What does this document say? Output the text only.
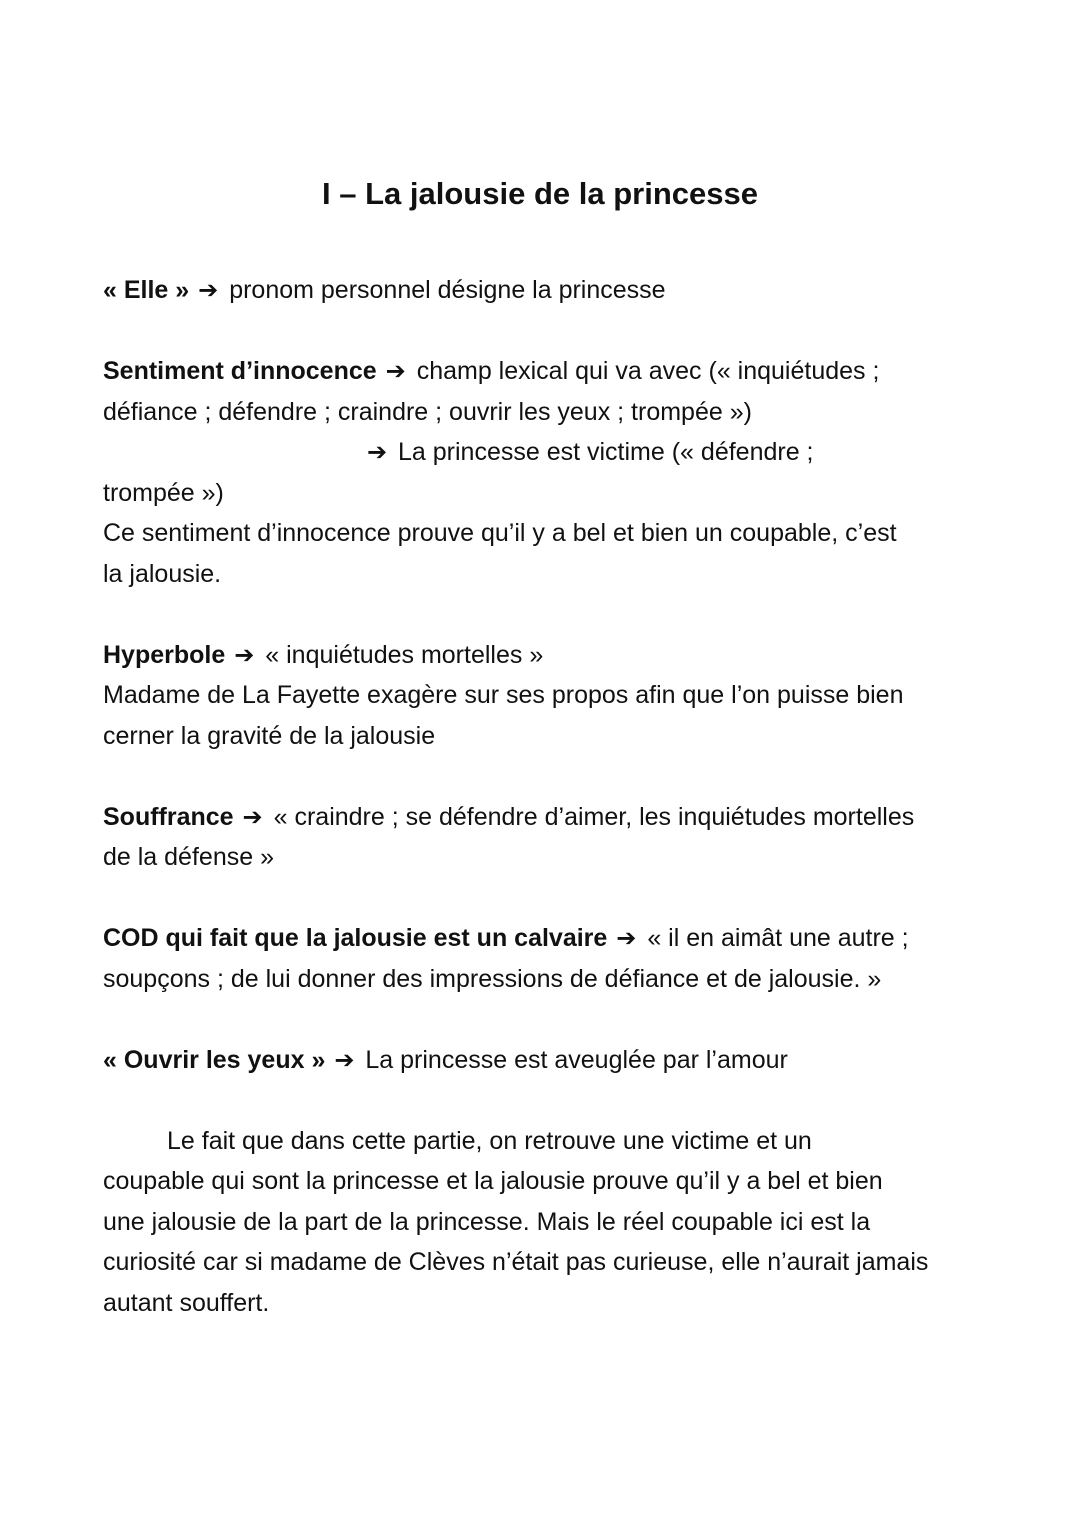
I – La jalousie de la princesse
« Elle » ➔ pronom personnel désigne la princesse
Sentiment d’innocence ➔ champ lexical qui va avec (« inquiétudes ;
défiance ; défendre ; craindre ; ouvrir les yeux ; trompée »)
➔ La princesse est victime (« défendre ;
trompée »)
Ce sentiment d’innocence prouve qu’il y a bel et bien un coupable, c’est
la jalousie.
Hyperbole ➔ « inquiétudes mortelles »
Madame de La Fayette exagère sur ses propos afin que l’on puisse bien
cerner la gravité de la jalousie
Souffrance ➔ « craindre ; se défendre d’aimer, les inquiétudes mortelles
de la défense »
COD qui fait que la jalousie est un calvaire ➔ « il en aimât une autre ;
soupçons ; de lui donner des impressions de défiance et de jalousie. »
« Ouvrir les yeux » ➔ La princesse est aveuglée par l’amour
Le fait que dans cette partie, on retrouve une victime et un
coupable qui sont la princesse et la jalousie prouve qu’il y a bel et bien
une jalousie de la part de la princesse. Mais le réel coupable ici est la
curiosité car si madame de Clèves n’était pas curieuse, elle n’aurait jamais
autant souffert.
